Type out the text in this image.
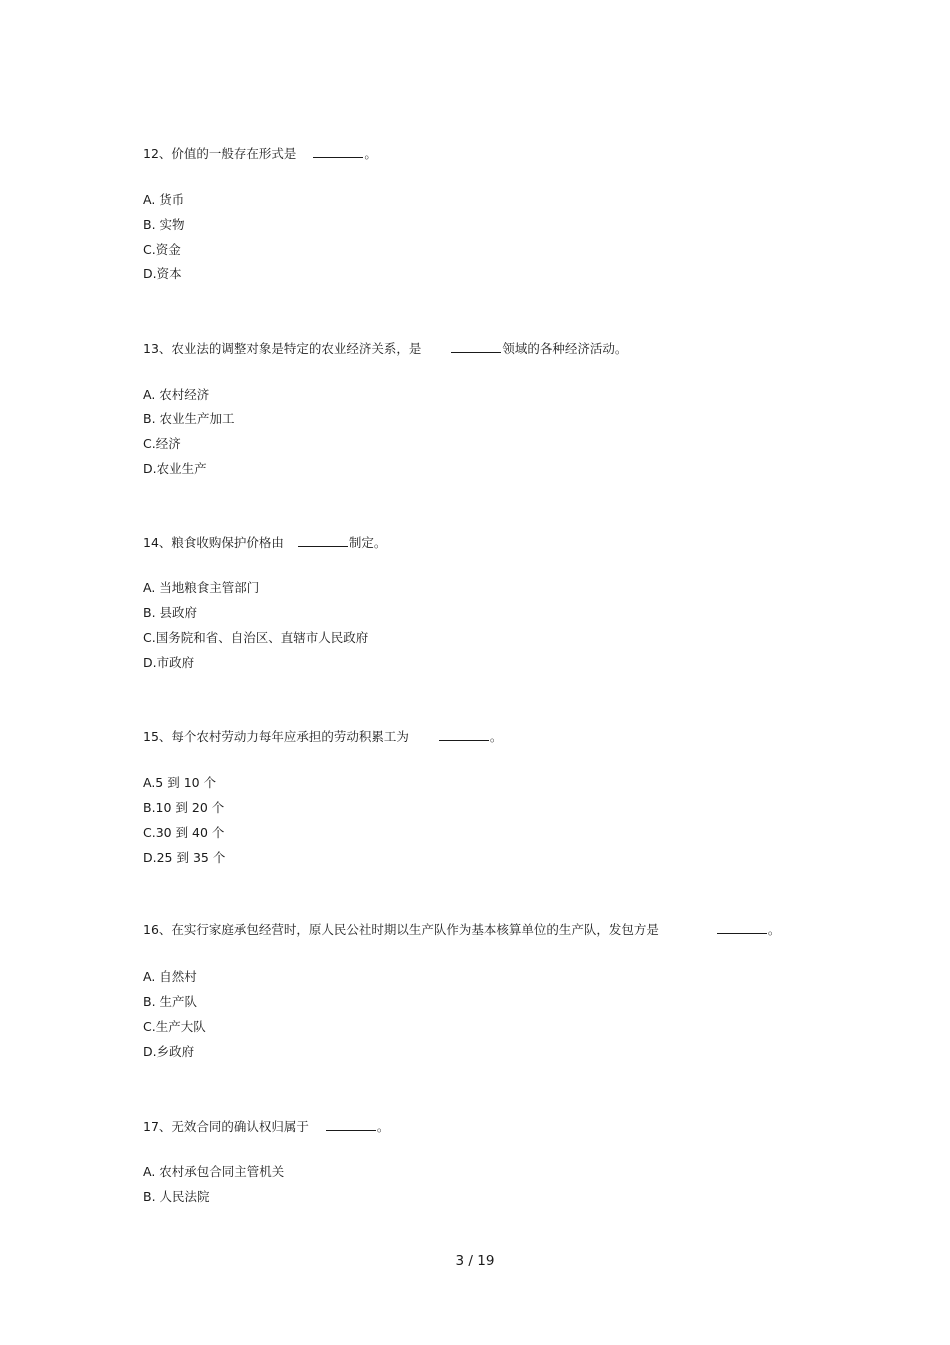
12、价值的一般存在形式是	。
A. 货币
B. 实物
C.资金
D.资本
13、农业法的调整对象是特定的农业经济关系，是	领域的各种经济活动。
A. 农村经济
B. 农业生产加工
C.经济
D.农业生产
14、粮食收购保护价格由	制定。
A. 当地粮食主管部门
B. 县政府
C.国务院和省、自治区、直辖市人民政府
D.市政府
15、每个农村劳动力每年应承担的劳动积累工为	。
A.5 到 10 个
B.10 到 20 个
C.30 到 40 个
D.25 到 35 个
16、在实行家庭承包经营时，原人民公社时期以生产队作为基本核算单位的生产队，发包方是	。
A. 自然村
B. 生产队
C.生产大队
D.乡政府
17、无效合同的确认权归属于	。
A. 农村承包合同主管机关
B. 人民法院
3 / 19
